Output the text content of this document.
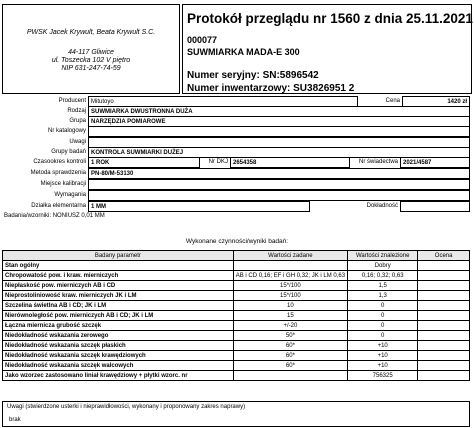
PWSK Jacek Krywult, Beata Krywult S.C.
44-117 Gliwice
ul. Toszecka 102 V piętro
NIP 631-247-74-59
Protokół przeglądu nr 1560 z dnia 25.11.2021
000077
SUWMIARKA MADA-E 300
Numer seryjny: SN:5896542
Numer inwentarzowy: SU3826951 2
Producent Mitutoyo	Cena	1420 zł
Rodzaj SUWMIARKA DWUSTRONNA DUŻA
Grupa NARZĘDZIA POMIAROWE
Nr katalogowy
Uwagi
Grupy badań KONTROLA SUWMIARKI DUŻEJ
Czasookres kontroli 1 ROK	Nr DKJ 2654358	Nr świadectwa 2021/4587
Metoda sprawdzenia PN-80/M-53130
Miejsce kalibracji
Wymagania
Działka elementarna 1 MM	Dokładność
Badania/wzorniki: NONIUSZ 0,01 MM
Wykonane czynności/wyniki badań:
Badany parametr	Wartości zadane	Wartości znalezione	Ocena
Stan ogólny		Dobry	
Chropowatość pow. i kraw. mierniczych	AB i CD 0,16; EF i GH 0,32; JK i LM 0,63	0,16; 0,32; 0,63	
Niepłaskość pow. mierniczych AB i CD	15*/100	1,5	
Nieprostoliniowość kraw. mierniczych JK i LM	15*/100	1,3	
Szczelina świetlna AB i CD; JK i LM	10	0	
Nierównoległość pow. mierniczych AB i CD; JK i LM	15	0	
Łączna miernicza grubość szczęk	+/-20	0	
Niedokładność wskazania zerowego	50*	0	
Niedokładność wskazania szczęk płaskich	60*	+10	
Niedokładność wskazania szczęk krawędziowych	60*	+10	
Niedokładność wskazania szczęk walcowych	60*	+10	
Jako wzorzec zastosowano liniał krawędziowy + płytki wzorc. nr		756325	
Uwagi (stwierdzone usterki i nieprawidłowości, wykonany i proponowany zakres naprawy)
brak
